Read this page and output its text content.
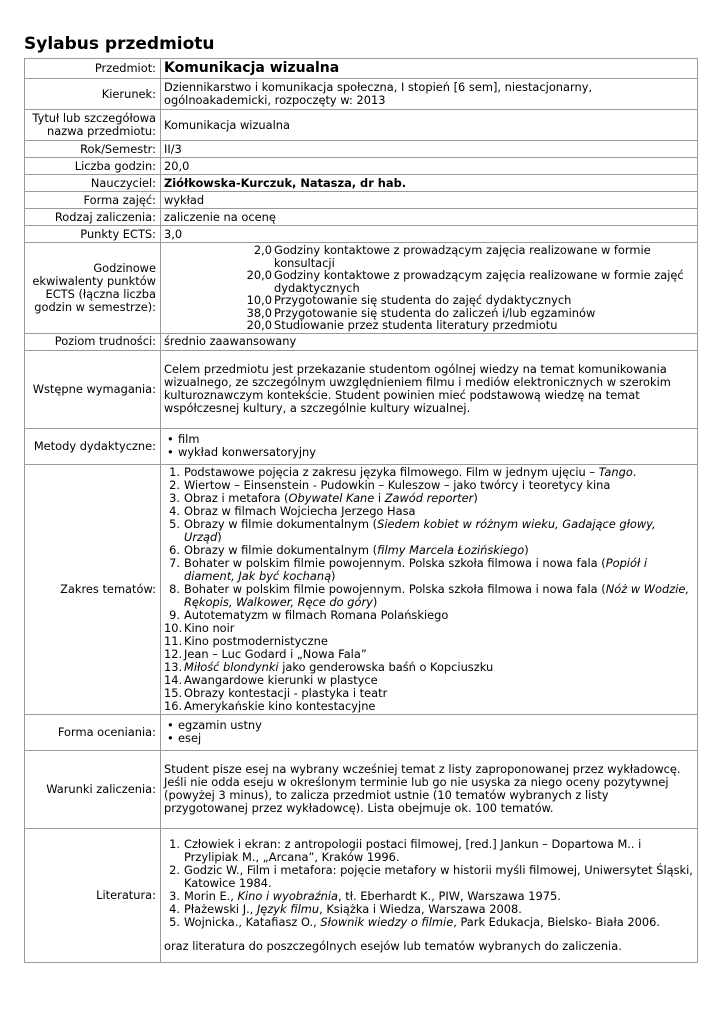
Sylabus przedmiotu
Przedmiot:	Komunikacja wizualna
Kierunek:	Dziennikarstwo i komunikacja społeczna, I stopień [6 sem], niestacjonarny, ogólnoakademicki, rozpoczęty w: 2013
Tytuł lub szczegółowa nazwa przedmiotu:	Komunikacja wizualna
Rok/Semestr:	II/3
Liczba godzin:	20,0
Nauczyciel:	Ziółkowska-Kurczuk, Natasza, dr hab.
Forma zajęć:	wykład
Rodzaj zaliczenia:	zaliczenie na ocenę
Punkty ECTS:	3,0
Godzinowe ekwiwalenty punktów ECTS (łączna liczba godzin w semestrze):	
2,0	Godziny kontaktowe z prowadzącym zajęcia realizowane w formie konsultacji
20,0	Godziny kontaktowe z prowadzącym zajęcia realizowane w formie zajęć dydaktycznych
10,0	Przygotowanie się studenta do zajęć dydaktycznych
38,0	Przygotowanie się studenta do zaliczeń i/lub egzaminów
20,0	Studiowanie przez studenta literatury przedmiotu

Poziom trudności:	średnio zaawansowany
Wstępne wymagania:	Celem przedmiotu jest przekazanie studentom ogólnej wiedzy na temat komunikowania wizualnego, ze szczególnym uwzględnieniem filmu i mediów elektronicznych w szerokim kulturoznawczym kontekście. Student powinien mieć podstawową wiedzę na temat współczesnej kultury, a szczególnie kultury wizualnej.
Metody dydaktyczne:	
•film
• wykład konwersatoryjny

Zakres tematów:	
1. Podstawowe pojęcia z zakresu języka filmowego. Film w jednym ujęciu – Tango.
2. Wiertow – Einsenstein - Pudowkin – Kuleszow – jako twórcy i teoretycy kina
3. Obraz i metafora (Obywatel Kane i Zawód reporter)
4. Obraz w filmach Wojciecha Jerzego Hasa
5. Obrazy w filmie dokumentalnym (Siedem kobiet w różnym wieku, Gadające głowy, Urząd)
6. Obrazy w filmie dokumentalnym (filmy Marcela Łozińskiego)
7. Bohater w polskim filmie powojennym. Polska szkoła filmowa i nowa fala (Popiół i diament, Jak być kochaną)
8. Bohater w polskim filmie powojennym. Polska szkoła filmowa i nowa fala (Nóż w Wodzie, Rękopis, Walkower, Ręce do góry)
9. Autotematyzm w filmach Romana Polańskiego
10. Kino noir
11. Kino postmodernistyczne
12. Jean – Luc Godard i „Nowa Fala”
13. Miłość blondynki jako genderowska baśń o Kopciuszku
14. Awangardowe kierunki w plastyce
15. Obrazy kontestacji - plastyka i teatr
16. Amerykańskie kino kontestacyjne

Forma oceniania:	
•egzamin ustny
• esej

Warunki zaliczenia:	Student pisze esej na wybrany wcześniej temat z listy zaproponowanej przez wykładowcę. Jeśli nie odda eseju w określonym terminie lub go nie usyska za niego oceny pozytywnej (powyżej 3 minus), to zalicza przedmiot ustnie (10 tematów wybranych z listy przygotowanej przez wykładowcę). Lista obejmuje ok. 100 tematów.
Literatura:	
1. Człowiek i ekran: z antropologii postaci filmowej, [red.] Jankun – Dopartowa M.. i Przylipiak M., „Arcana”, Kraków 1996.
2. Godzic W., Film i metafora: pojęcie metafory w historii myśli filmowej, Uniwersytet Śląski, Katowice 1984.
3. Morin E., Kino i wyobraźnia, tł. Eberhardt K., PIW, Warszawa 1975.
4. Płażewski J., Język filmu, Książka i Wiedza, Warszawa 2008.
5. Wojnicka., Katafiasz O., Słownik wiedzy o filmie, Park Edukacja, Bielsko- Biała 2006.

oraz literatura do poszczególnych esejów lub tematów wybranych do zaliczenia.
